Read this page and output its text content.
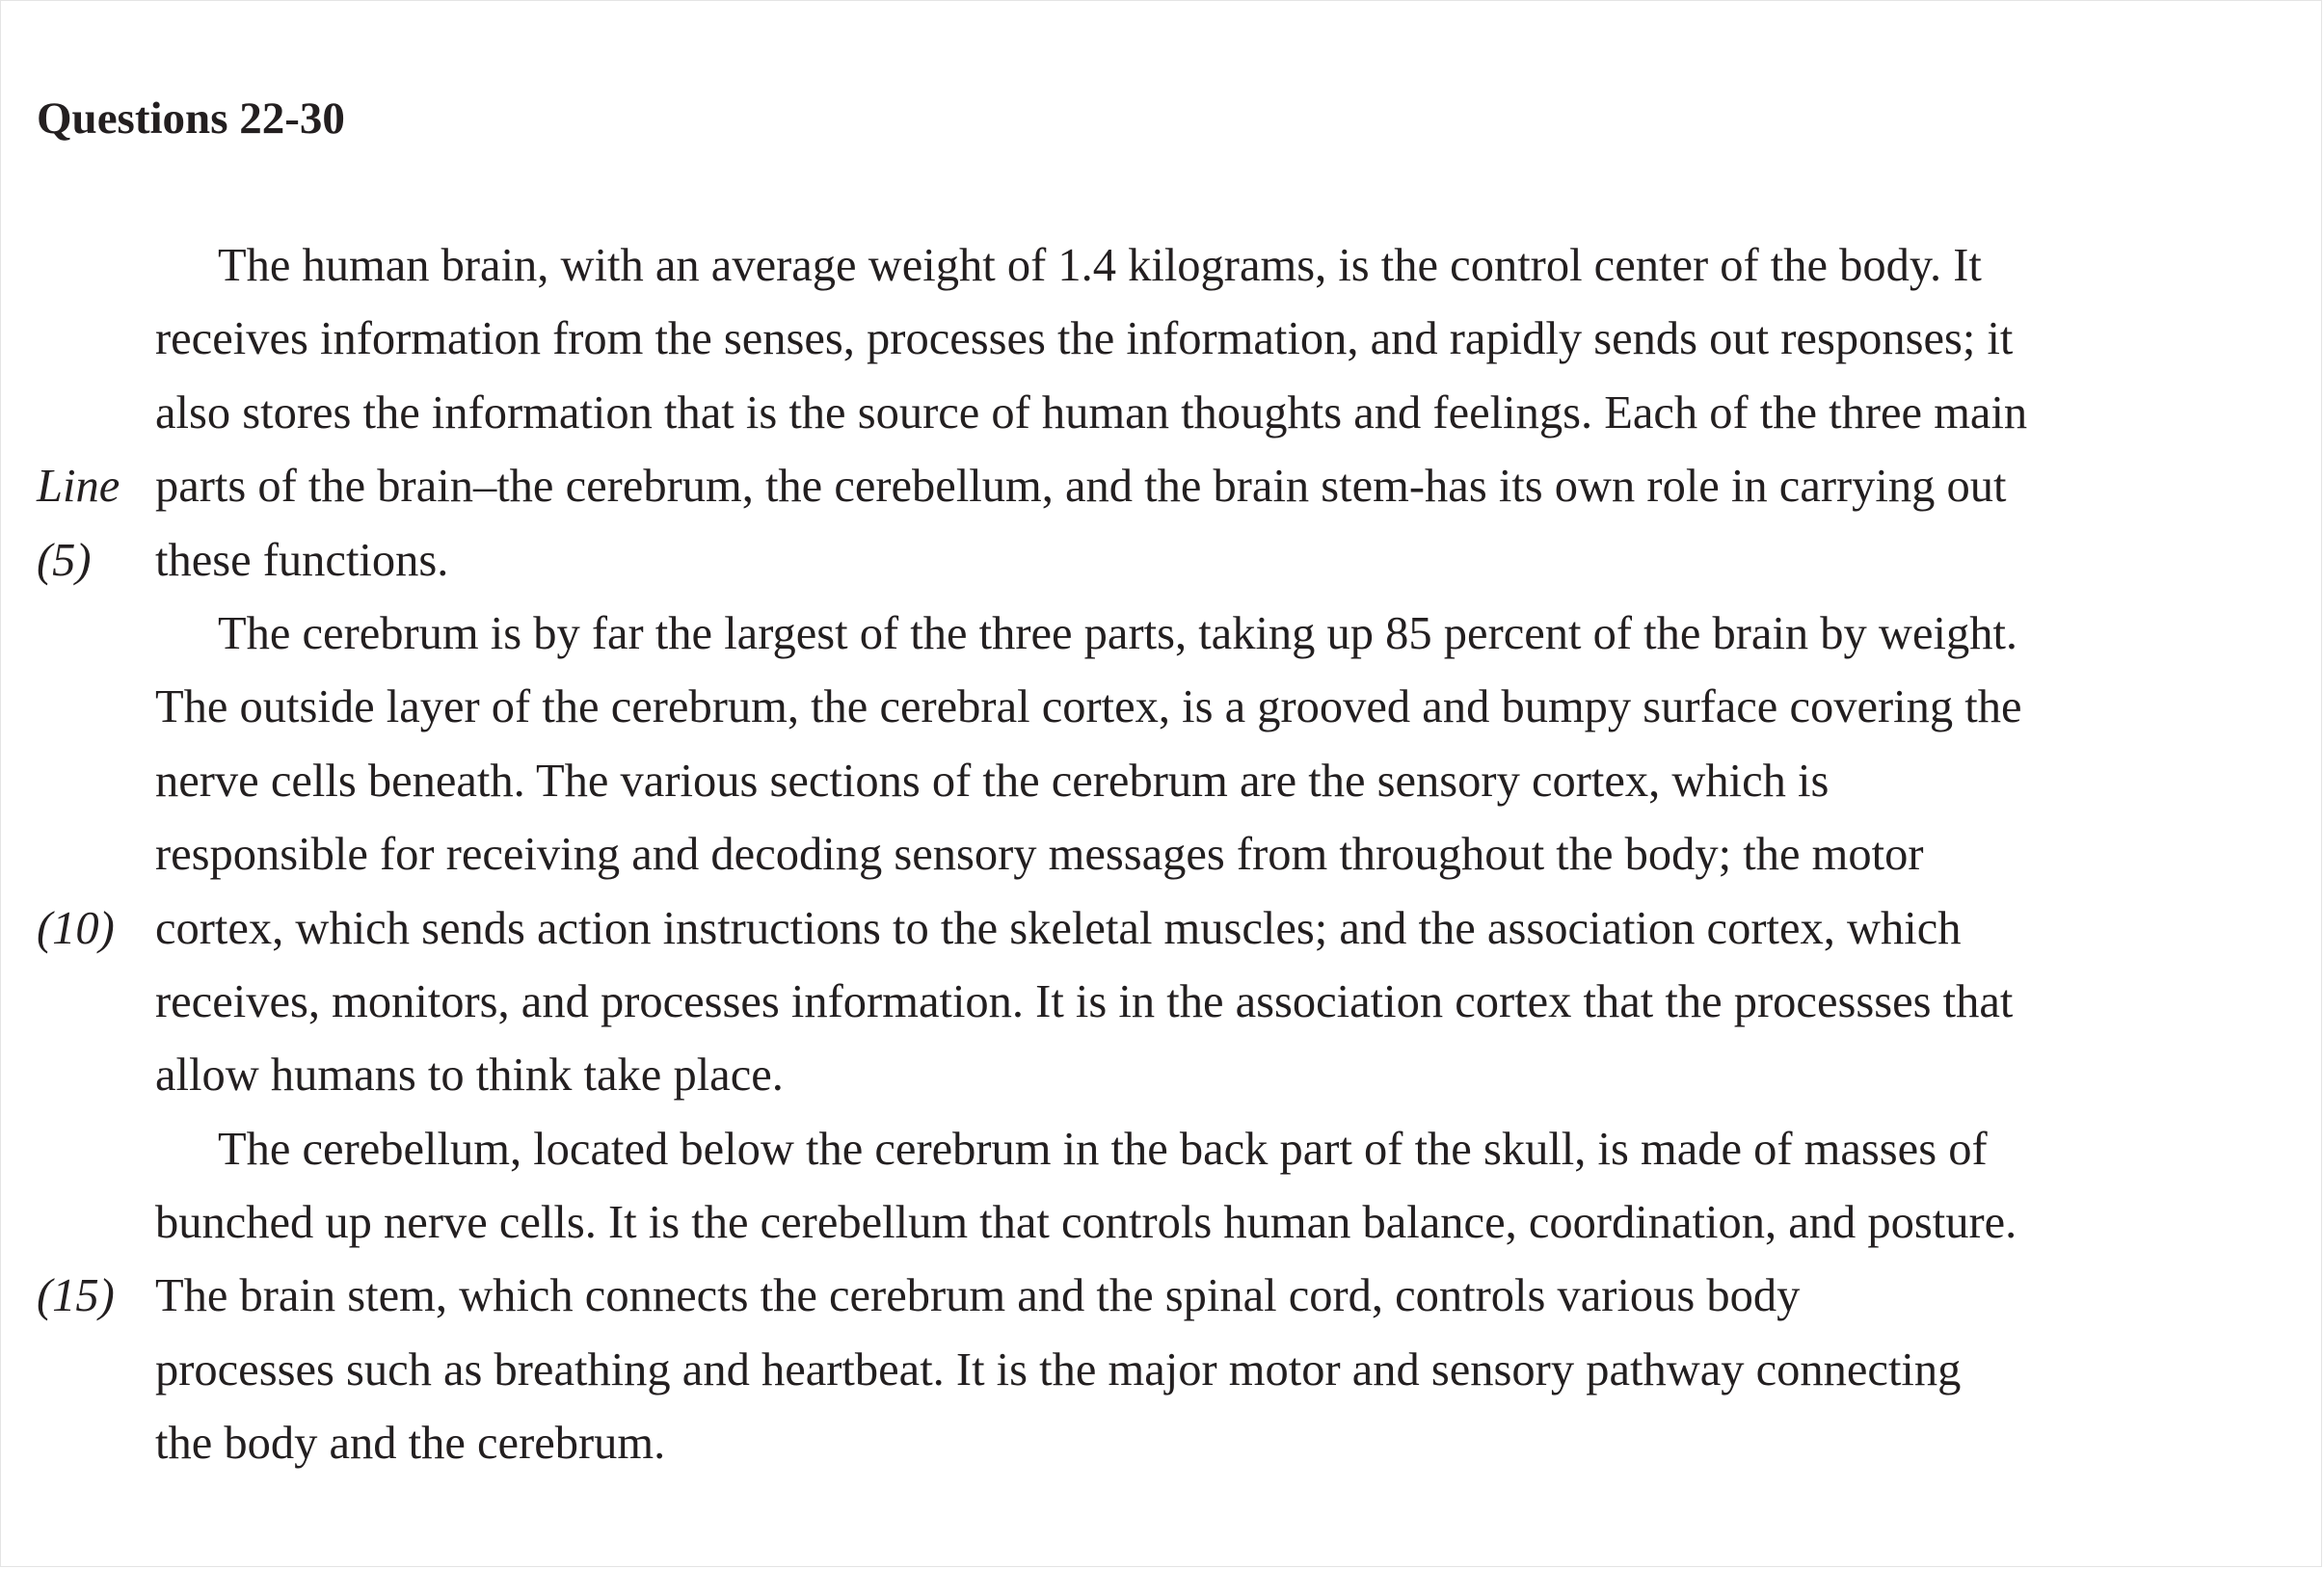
Questions 22-30
The human brain, with an average weight of 1.4 kilograms, is the control center of the body. It
receives information from the senses, processes the information, and rapidly sends out responses; it
also stores the information that is the source of human thoughts and feelings. Each of the three main
Line parts of the brain–the cerebrum, the cerebellum, and the brain stem-has its own role in carrying out
(5) these functions.
The cerebrum is by far the largest of the three parts, taking up 85 percent of the brain by weight.
The outside layer of the cerebrum, the cerebral cortex, is a grooved and bumpy surface covering the
nerve cells beneath. The various sections of the cerebrum are the sensory cortex, which is
responsible for receiving and decoding sensory messages from throughout the body; the motor
(10) cortex, which sends action instructions to the skeletal muscles; and the association cortex, which
receives, monitors, and processes information. It is in the association cortex that the processses that
allow humans to think take place.
The cerebellum, located below the cerebrum in the back part of the skull, is made of masses of
bunched up nerve cells. It is the cerebellum that controls human balance, coordination, and posture.
(15) The brain stem, which connects the cerebrum and the spinal cord, controls various body
processes such as breathing and heartbeat. It is the major motor and sensory pathway connecting
the body and the cerebrum.
